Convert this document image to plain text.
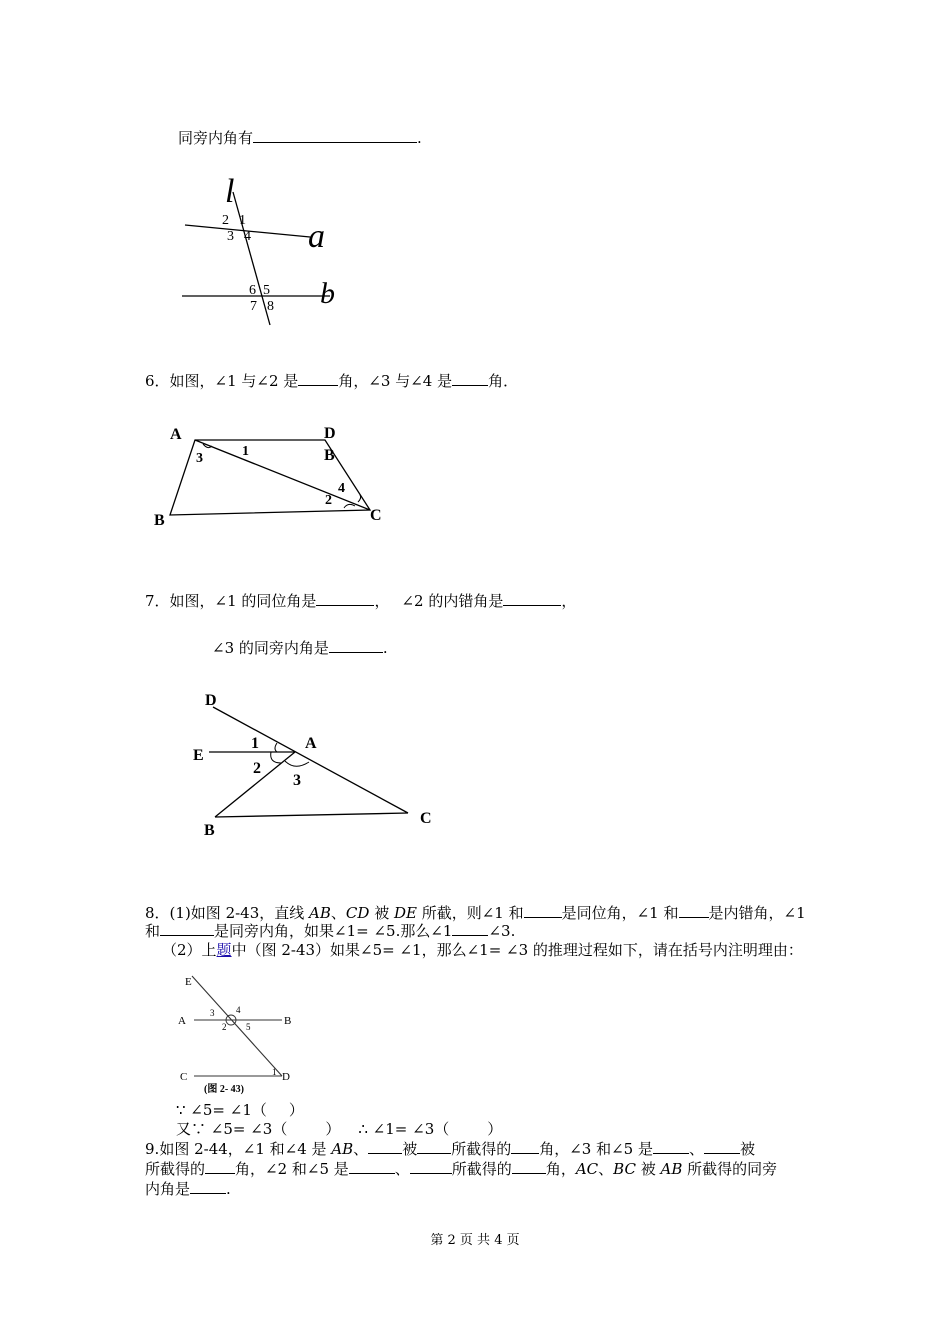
同旁内角有	.
l
a
b
2 1
3 4
6 5
7 8
6．如图，∠1 与∠2 是	角，∠3 与∠4 是 角．
A	D
B
B	C
1
3
2
4
7．如图，∠1 的同位角是	， ∠2 的内错角是	，
∠3 的同旁内角是	.
D
E
A
B
C
1
2
3
8．(1)如图 2-43，直线 AB、CD 被 DE 所截，则∠1 和	是同位角，∠1 和 是内错角，∠1
和	是同旁内角，如果∠1= ∠5.那么∠1 ∠3.
（2）上题中（图 2-43）如果∠5= ∠1，那么∠1= ∠3 的推理过程如下，请在括号内注明理由：
E
A	B
C	D
3 4
2 5
1
(图 2- 43)
∵ ∠5= ∠1（ ）
又∵ ∠5= ∠3（	） ∴ ∠1= ∠3（	）
9.如图 2-44，∠1 和∠4 是 AB、 被 所截得的 角，∠3 和∠5 是 、 被
所截得的 角，∠2 和∠5 是	、	所截得的 角，AC、BC 被 AB 所截得的同旁
内角是 .
第 2 页 共 4 页
